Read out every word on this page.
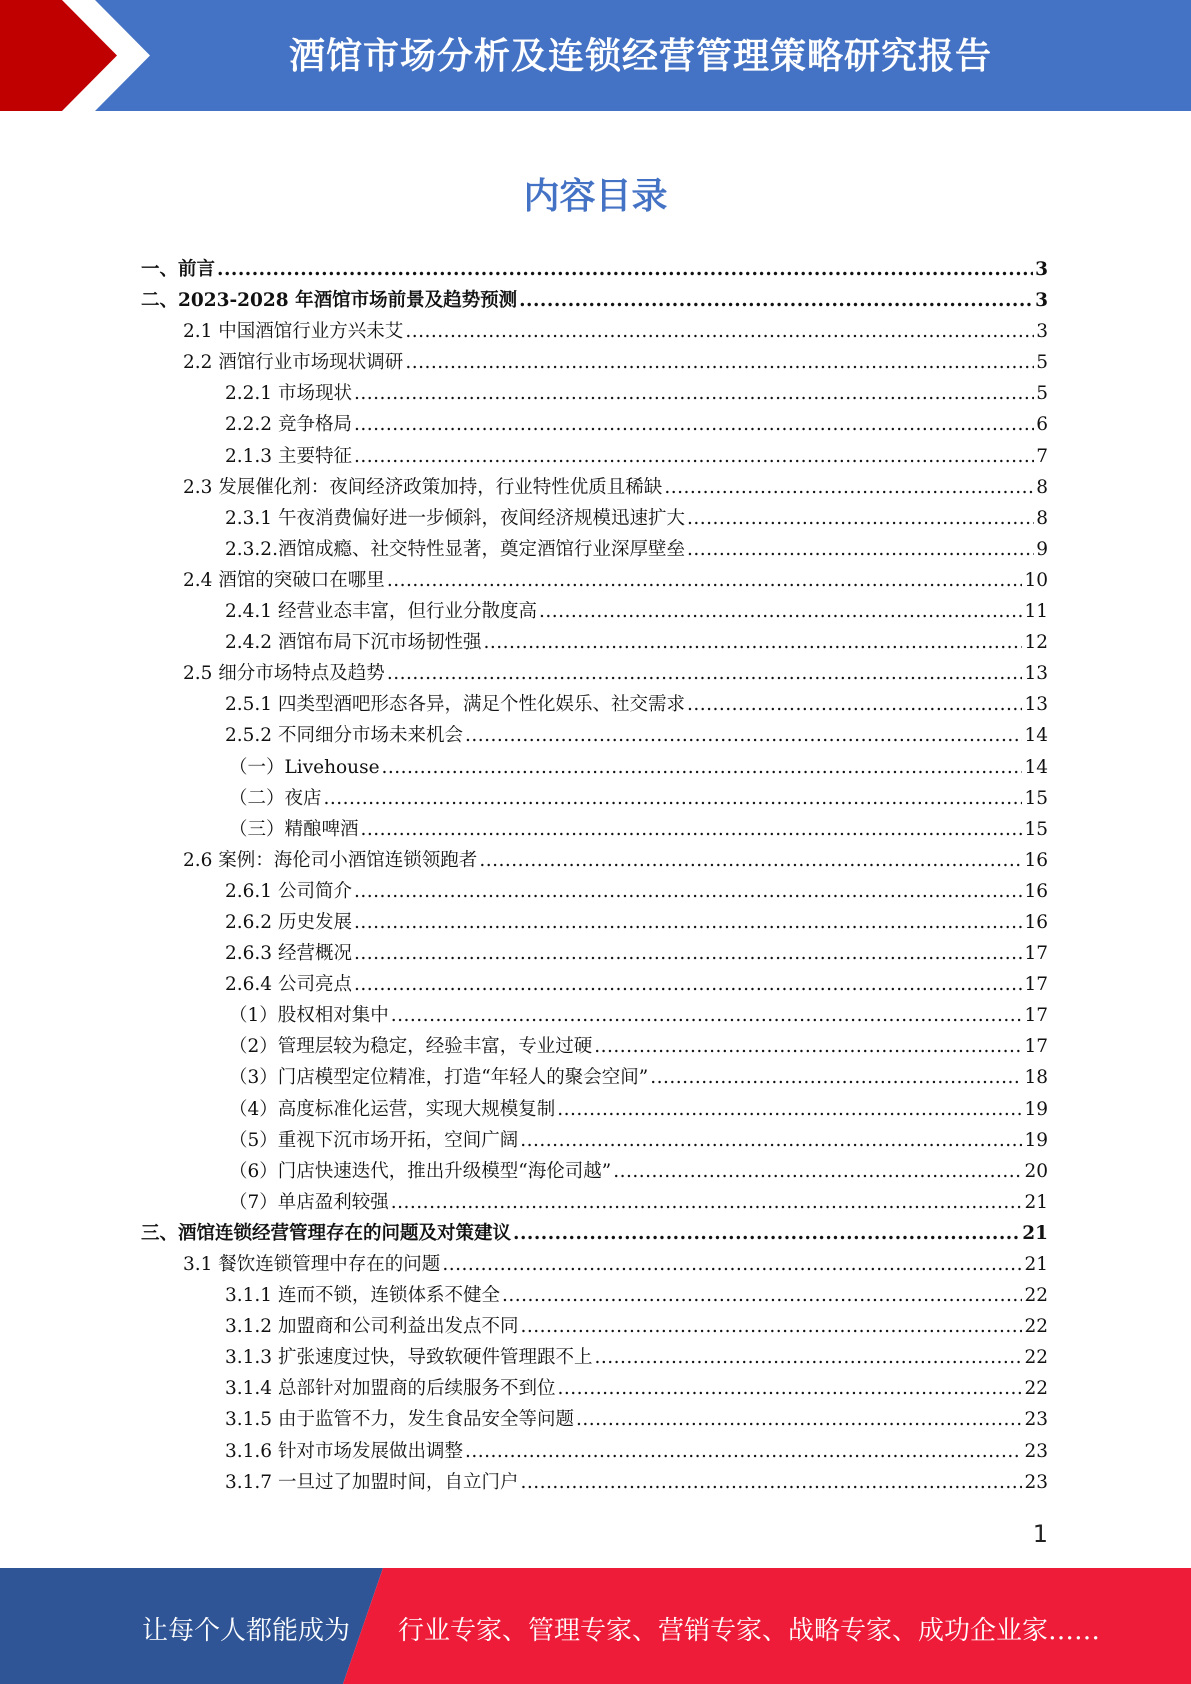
酒馆市场分析及连锁经营管理策略研究报告
内容目录
一、前言 .....	3
二、2023-2028 年酒馆市场前景及趋势预测 .....	3
2.1 中国酒馆行业方兴未艾 .....	3
2.2 酒馆行业市场现状调研 .....	5
2.2.1 市场现状 .....	5
2.2.2 竞争格局 .....	6
2.1.3 主要特征 .....	7
2.3 发展催化剂：夜间经济政策加持，行业特性优质且稀缺 .....	8
2.3.1 午夜消费偏好进一步倾斜，夜间经济规模迅速扩大 .....	8
2.3.2.酒馆成瘾、社交特性显著，奠定酒馆行业深厚壁垒 .....	9
2.4 酒馆的突破口在哪里 .....	10
2.4.1 经营业态丰富，但行业分散度高 .....	11
2.4.2 酒馆布局下沉市场韧性强 .....	12
2.5 细分市场特点及趋势 .....	13
2.5.1 四类型酒吧形态各异，满足个性化娱乐、社交需求 .....	13
2.5.2 不同细分市场未来机会 .....	14
（一）Livehouse .....	14
（二）夜店 .....	15
（三）精酿啤酒 .....	15
2.6 案例：海伦司小酒馆连锁领跑者 .....	16
2.6.1 公司简介 .....	16
2.6.2 历史发展 .....	16
2.6.3 经营概况 .....	17
2.6.4 公司亮点 .....	17
（1）股权相对集中 .....	17
（2）管理层较为稳定，经验丰富，专业过硬 .....	17
（3）门店模型定位精准，打造“年轻人的聚会空间” .....	18
（4）高度标准化运营，实现大规模复制 .....	19
（5）重视下沉市场开拓，空间广阔 .....	19
（6）门店快速迭代，推出升级模型“海伦司越” .....	20
（7）单店盈利较强 .....	21
三、酒馆连锁经营管理存在的问题及对策建议 .....	21
3.1 餐饮连锁管理中存在的问题 .....	21
3.1.1 连而不锁，连锁体系不健全 .....	22
3.1.2 加盟商和公司利益出发点不同 .....	22
3.1.3 扩张速度过快，导致软硬件管理跟不上 .....	22
3.1.4 总部针对加盟商的后续服务不到位 .....	22
3.1.5 由于监管不力，发生食品安全等问题 .....	23
3.1.6 针对市场发展做出调整 .....	23
3.1.7 一旦过了加盟时间，自立门户 .....	23
1
让每个人都能成为 行业专家、管理专家、营销专家、战略专家、成功企业家……
